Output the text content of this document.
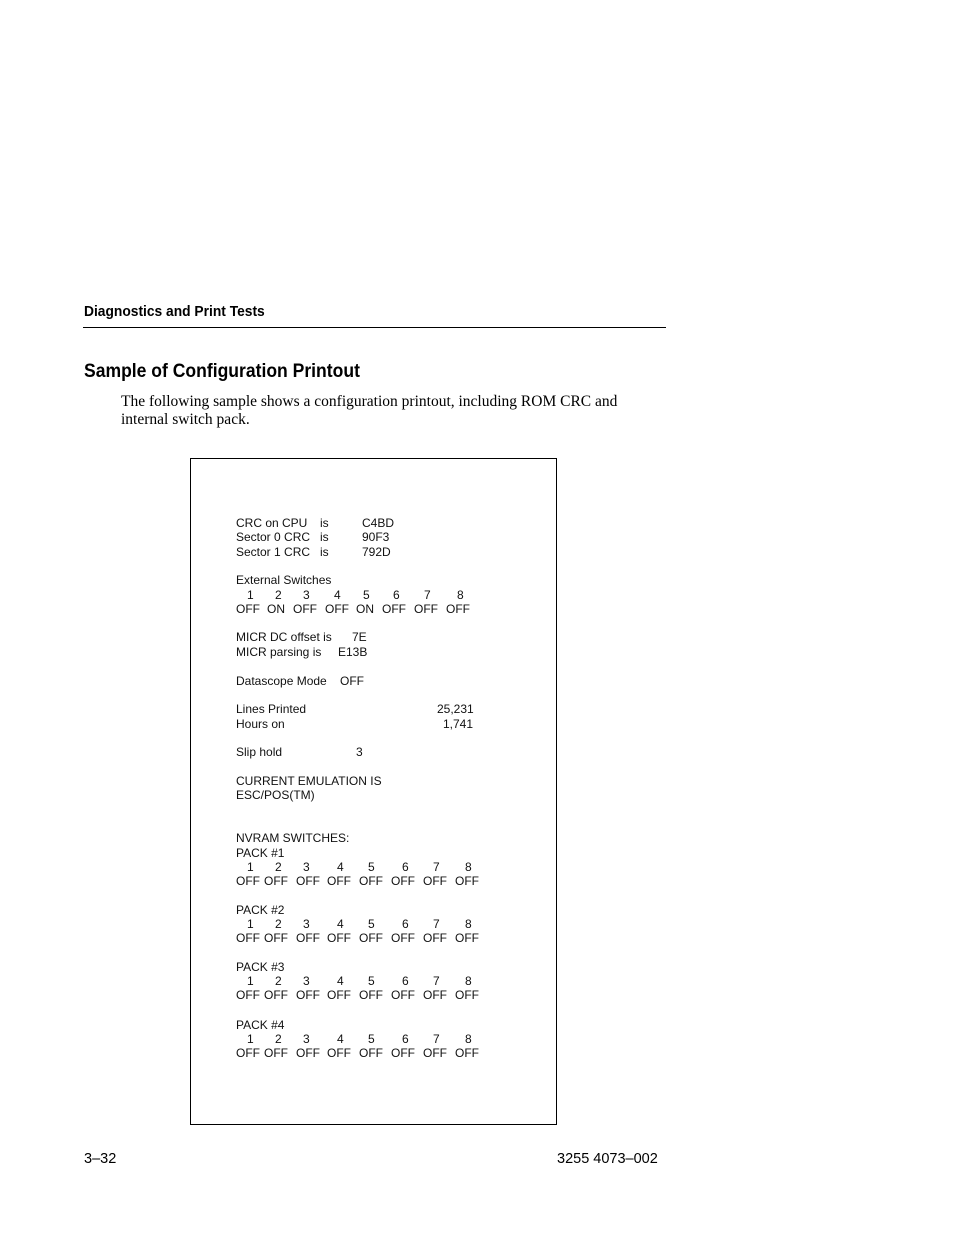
Diagnostics and Print Tests
Sample of Configuration Printout
The following sample shows a configuration printout, including ROM CRC and internal switch pack.
CRC on CPU is	C4BD
Sector 0 CRC is	90F3
Sector 1 CRC is	792D
External Switches
1 2 3 4 5 6 7 8
OFF ON OFF OFF ON OFF OFF OFF
MICR DC offset is 7E
MICR parsing is E13B
Datascope Mode OFF
Lines Printed	25,231
Hours on	1,741
Slip hold	3
CURRENT EMULATION IS
ESC/POS(TM)
NVRAM SWITCHES:
PACK #1
1 2 3 4 5 6 7 8
OFF OFF OFF OFF OFF OFF OFF OFF
PACK #2
1 2 3 4 5 6 7 8
OFF OFF OFF OFF OFF OFF OFF OFF
PACK #3
1 2 3 4 5 6 7 8
OFF OFF OFF OFF OFF OFF OFF OFF
PACK #4
1 2 3 4 5 6 7 8
OFF OFF OFF OFF OFF OFF OFF OFF
3–32	3255 4073–002
